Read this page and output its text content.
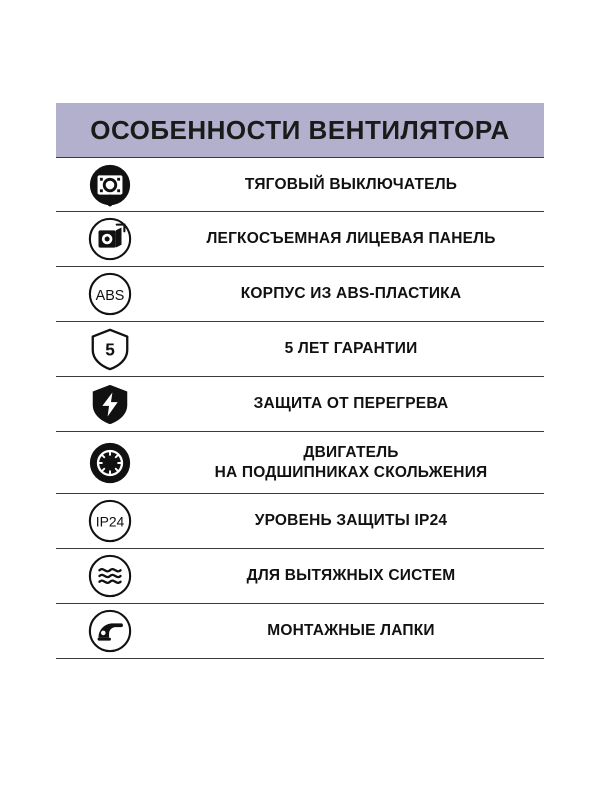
ОСОБЕННОСТИ ВЕНТИЛЯТОРА
ТЯГОВЫЙ ВЫКЛЮЧАТЕЛЬ
ЛЕГКОСЪЕМНАЯ ЛИЦЕВАЯ ПАНЕЛЬ
ABS	КОРПУС ИЗ ABS-ПЛАСТИКА
5	5 ЛЕТ ГАРАНТИИ
ЗАЩИТА ОТ ПЕРЕГРЕВА
ДВИГАТЕЛЬ
НА ПОДШИПНИКАХ СКОЛЬЖЕНИЯ
IP24	УРОВЕНЬ ЗАЩИТЫ IP24
ДЛЯ ВЫТЯЖНЫХ СИСТЕМ
МОНТАЖНЫЕ ЛАПКИ
